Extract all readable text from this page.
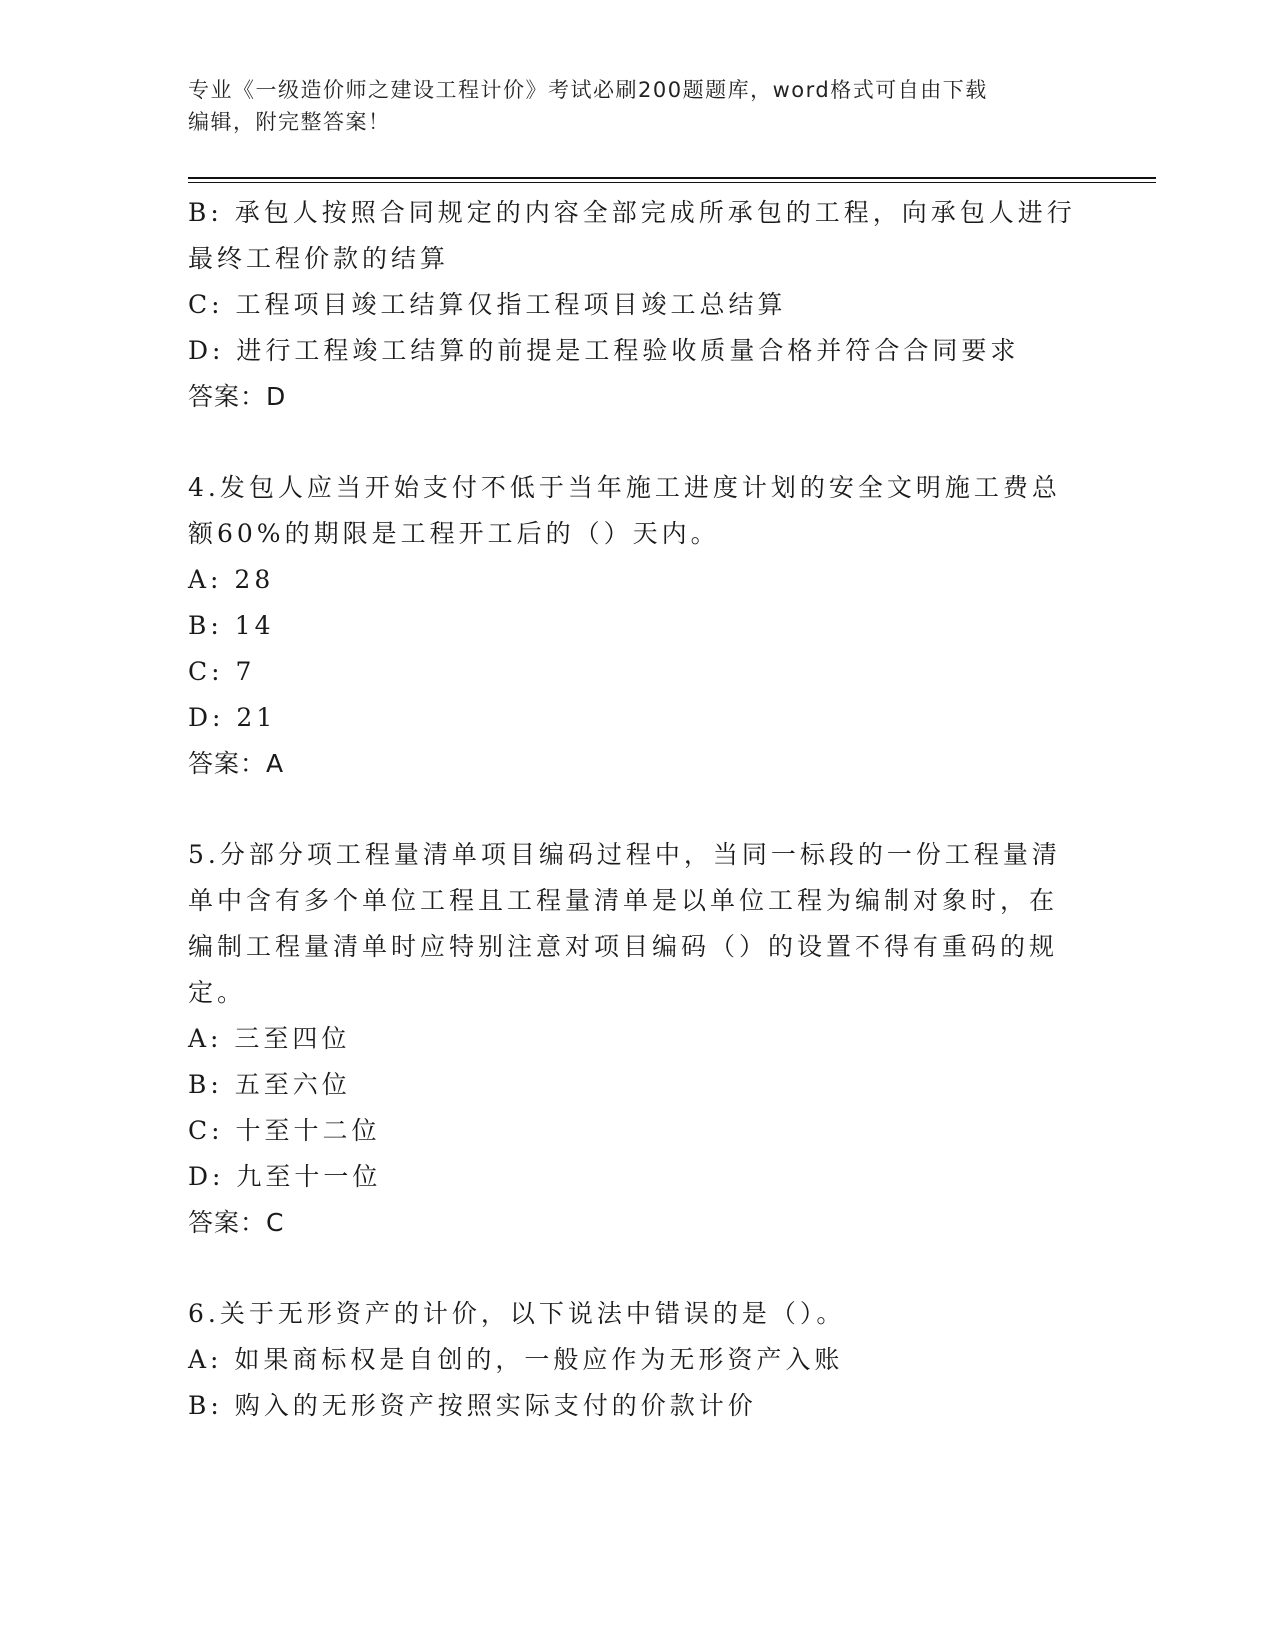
专业《一级造价师之建设工程计价》考试必刷200题题库，word格式可自由下载
编辑，附完整答案！
B: 承包人按照合同规定的内容全部完成所承包的工程，向承包人进行
最终工程价款的结算
C: 工程项目竣工结算仅指工程项目竣工总结算
D: 进行工程竣工结算的前提是工程验收质量合格并符合合同要求
答案：D
4.发包人应当开始支付不低于当年施工进度计划的安全文明施工费总
额60%的期限是工程开工后的（）天内。
A: 28
B: 14
C: 7
D: 21
答案：A
5.分部分项工程量清单项目编码过程中，当同一标段的一份工程量清
单中含有多个单位工程且工程量清单是以单位工程为编制对象时，在
编制工程量清单时应特别注意对项目编码（）的设置不得有重码的规
定。
A: 三至四位
B: 五至六位
C: 十至十二位
D: 九至十一位
答案：C
6.关于无形资产的计价，以下说法中错误的是（）。
A: 如果商标权是自创的，一般应作为无形资产入账
B: 购入的无形资产按照实际支付的价款计价
